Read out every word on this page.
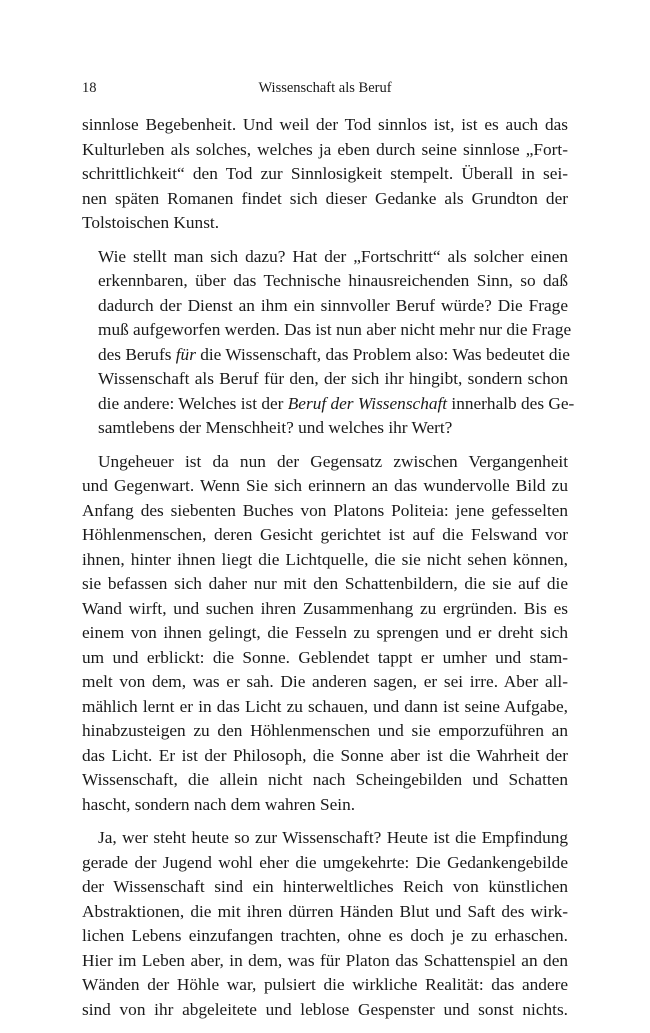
18	Wissenschaft als Beruf

sinnlose Begebenheit. Und weil der Tod sinnlos ist, ist es auch das
Kulturleben als solches, welches ja eben durch seine sinnlose „Fort-
schrittlichkeit“ den Tod zur Sinnlosigkeit stempelt. Überall in sei-
nen späten Romanen findet sich dieser Gedanke als Grundton der
Tolstoischen Kunst.

Wie stellt man sich dazu? Hat der „Fortschritt“ als solcher einen
erkennbaren, über das Technische hinausreichenden Sinn, so daß
dadurch der Dienst an ihm ein sinnvoller Beruf würde? Die Frage
muß aufgeworfen werden. Das ist nun aber nicht mehr nur die Frage
des Berufs für die Wissenschaft, das Problem also: Was bedeutet die
Wissenschaft als Beruf für den, der sich ihr hingibt, sondern schon
die andere: Welches ist der Beruf der Wissenschaft innerhalb des Ge-
samtlebens der Menschheit? und welches ihr Wert?

Ungeheuer ist da nun der Gegensatz zwischen Vergangenheit
und Gegenwart. Wenn Sie sich erinnern an das wundervolle Bild zu
Anfang des siebenten Buches von Platons Politeia: jene gefesselten
Höhlenmenschen, deren Gesicht gerichtet ist auf die Felswand vor
ihnen, hinter ihnen liegt die Lichtquelle, die sie nicht sehen können,
sie befassen sich daher nur mit den Schattenbildern, die sie auf die
Wand wirft, und suchen ihren Zusammenhang zu ergründen. Bis es
einem von ihnen gelingt, die Fesseln zu sprengen und er dreht sich
um und erblickt: die Sonne. Geblendet tappt er umher und stam-
melt von dem, was er sah. Die anderen sagen, er sei irre. Aber all-
mählich lernt er in das Licht zu schauen, und dann ist seine Aufgabe,
hinabzusteigen zu den Höhlenmenschen und sie emporzuführen an
das Licht. Er ist der Philosoph, die Sonne aber ist die Wahrheit der
Wissenschaft, die allein nicht nach Scheingebilden und Schatten
hascht, sondern nach dem wahren Sein.

Ja, wer steht heute so zur Wissenschaft? Heute ist die Empfindung
gerade der Jugend wohl eher die umgekehrte: Die Gedankengebilde
der Wissenschaft sind ein hinterweltliches Reich von künstlichen
Abstraktionen, die mit ihren dürren Händen Blut und Saft des wirk-
lichen Lebens einzufangen trachten, ohne es doch je zu erhaschen.
Hier im Leben aber, in dem, was für Platon das Schattenspiel an den
Wänden der Höhle war, pulsiert die wirkliche Realität: das andere
sind von ihr abgeleitete und leblose Gespenster und sonst nichts.
